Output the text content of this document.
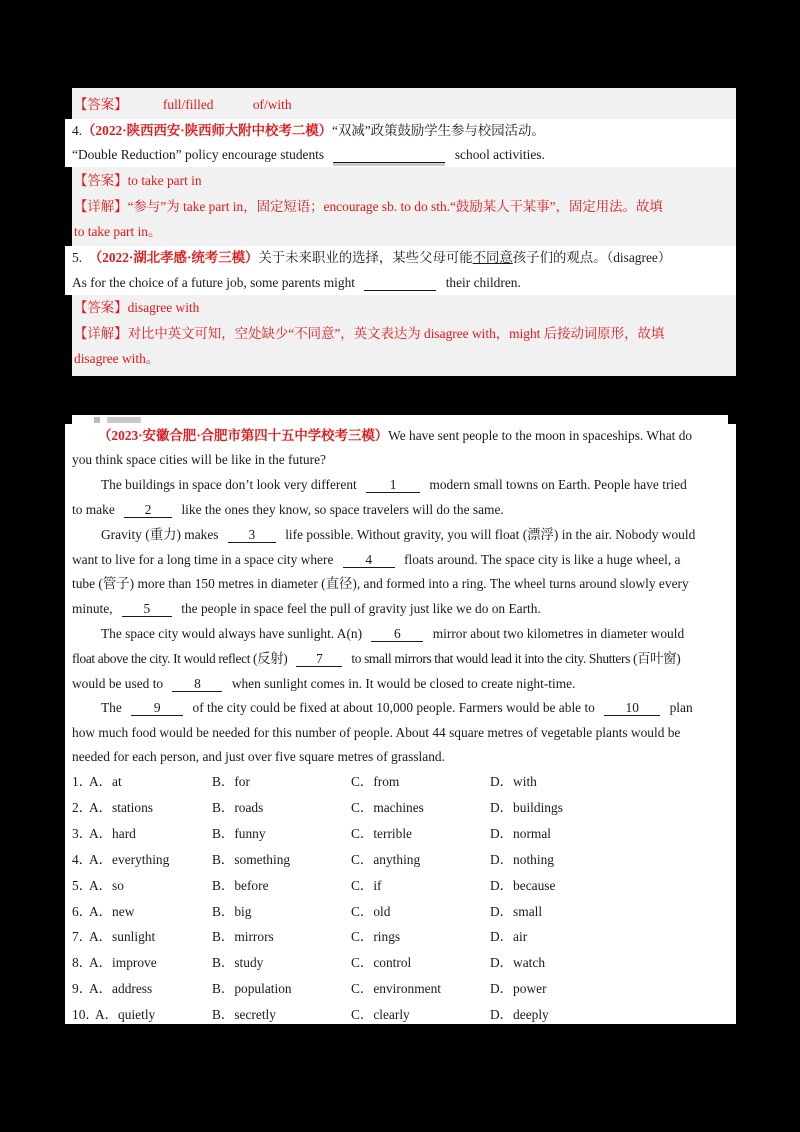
【答案】	full/filled	of/with
4.（2022·陕西西安·陕西师大附中校考二模）“双减”政策鼓励学生参与校园活动。
“Double Reduction” policy encourage students	school activities.
【答案】to take part in
【详解】“参与”为 take part in，固定短语；encourage sb. to do sth.“鼓励某人干某事”，固定用法。故填
to take part in。
5. （2022·湖北孝感·统考三模）关于未来职业的选择，某些父母可能不同意孩子们的观点。（disagree）
As for the choice of a future job, some parents might	their children.
【答案】disagree with
【详解】对比中英文可知，空处缺少“不同意”，英文表达为 disagree with，might 后接动词原形，故填
disagree with。
（2023·安徽合肥·合肥市第四十五中学校考三模）We have sent people to the moon in spaceships. What do
you think space cities will be like in the future?
The buildings in space don’t look very different 1 modern small towns on Earth. People have tried
to make 2 like the ones they know, so space travelers will do the same.
Gravity (重力) makes 3 life possible. Without gravity, you will float (漂浮) in the air. Nobody would
want to live for a long time in a space city where 4 floats around. The space city is like a huge wheel, a
tube (管子) more than 150 metres in diameter (直径), and formed into a ring. The wheel turns around slowly every
minute, 5 the people in space feel the pull of gravity just like we do on Earth.
The space city would always have sunlight. A(n) 6 mirror about two kilometres in diameter would
float above the city. It would reflect (反射) 7 to small mirrors that would lead it into the city. Shutters (百叶窗)
would be used to 8 when sunlight comes in. It would be closed to create night-time.
The 9 of the city could be fixed at about 10,000 people. Farmers would be able to 10 plan
how much food would be needed for this number of people. About 44 square metres of vegetable plants would be
needed for each person, and just over five square metres of grassland.
1．
A．at	B．for	C．from	D．with
2．
A．stations	B．roads	C．machines	D．buildings
3．
A．hard	B．funny	C．terrible	D．normal
4．
A．everything	B．something	C．anything	D．nothing
5．
A．so	B．before	C．if	D．because
6．
A．new	B．big	C．old	D．small
7．
A．sunlight	B．mirrors	C．rings	D．air
8．
A．improve	B．study	C．control	D．watch
9．
A．address	B．population	C．environment	D．power
10．
A．quietly	B．secretly	C．clearly	D．deeply
